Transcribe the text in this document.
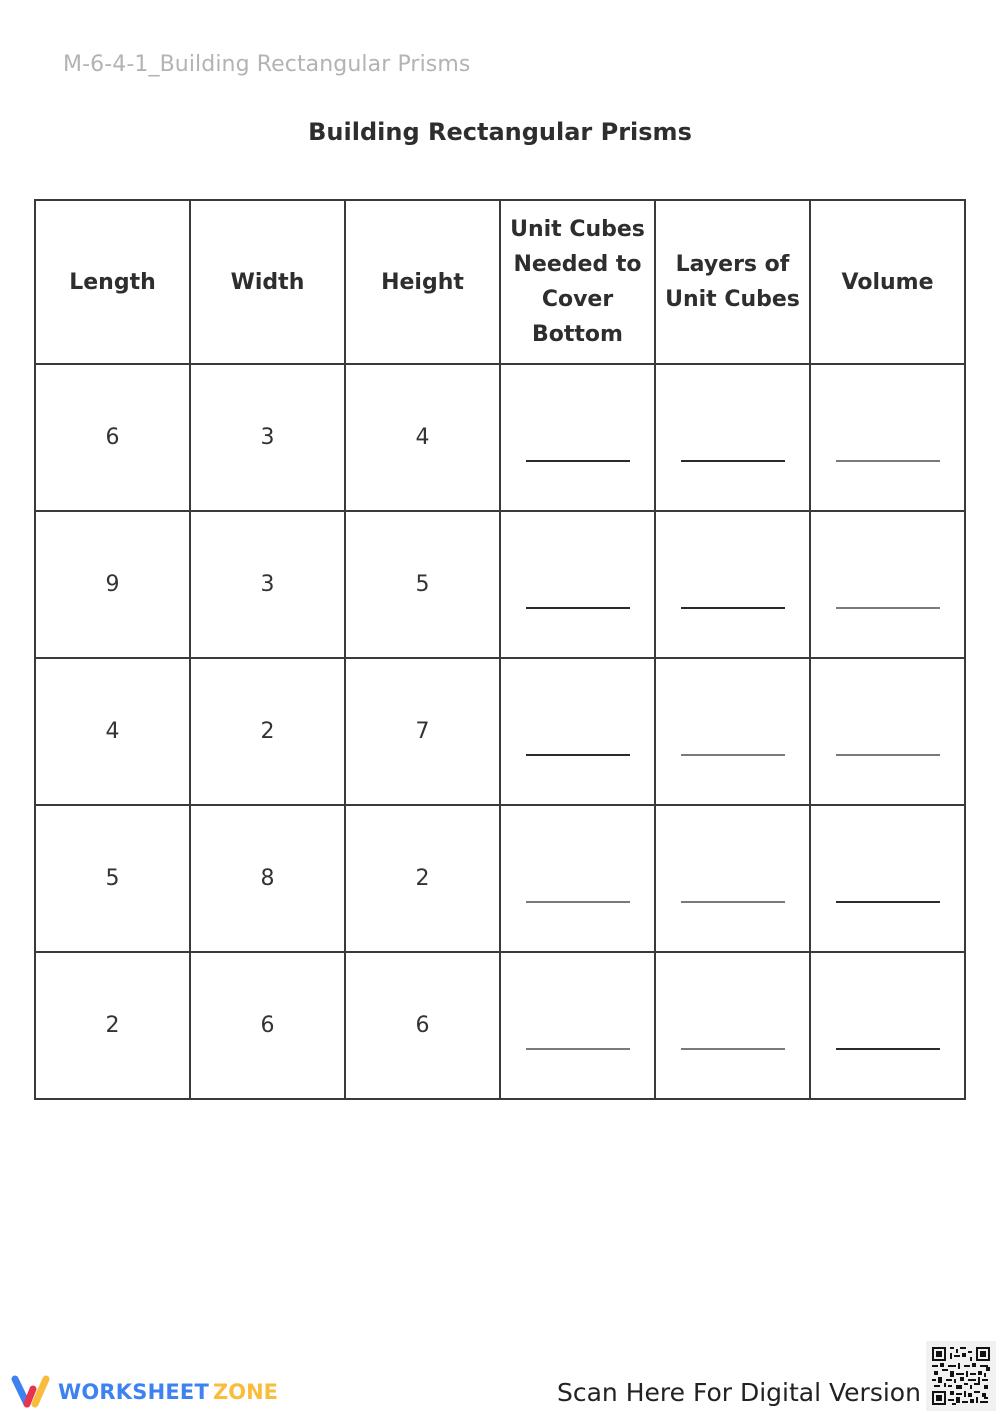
M-6-4-1_Building Rectangular Prisms
Building Rectangular Prisms
Length	Width	Height	Unit Cubes Needed to Cover Bottom	Layers of Unit Cubes	Volume
6	3	4	

9	3	5	

4	2	7	

5	8	2	

2	6	6	

WORKSHEET ZONE	Scan Here For Digital Version
